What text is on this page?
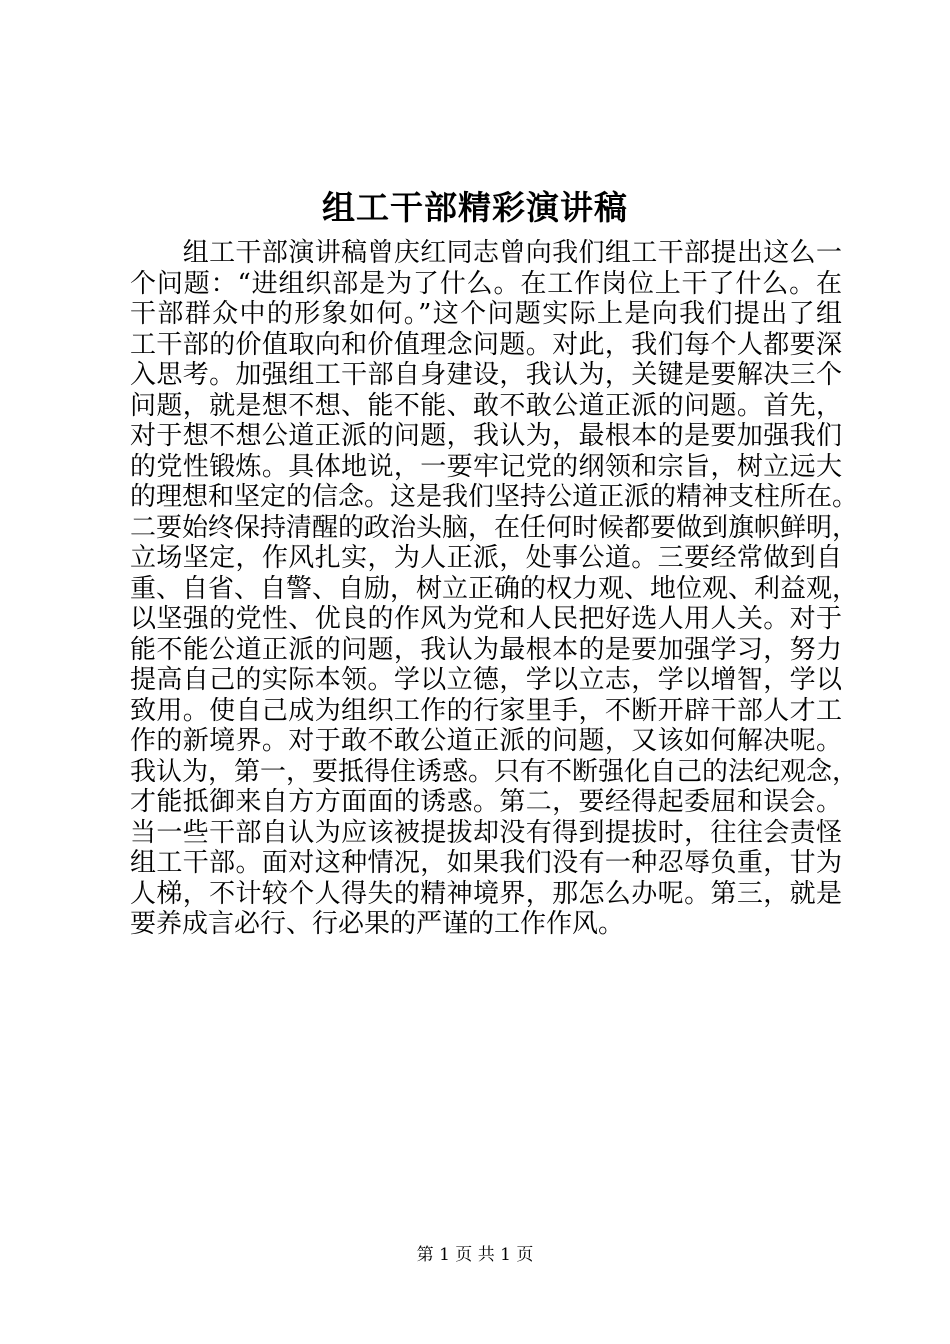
组工干部精彩演讲稿
　　组工干部演讲稿曾庆红同志曾向我们组工干部提出这么一
个问题：“进组织部是为了什么。在工作岗位上干了什么。在
干部群众中的形象如何。”这个问题实际上是向我们提出了组
工干部的价值取向和价值理念问题。对此，我们每个人都要深
入思考。加强组工干部自身建设，我认为，关键是要解决三个
问题，就是想不想、能不能、敢不敢公道正派的问题。首先，
对于想不想公道正派的问题，我认为，最根本的是要加强我们
的党性锻炼。具体地说，一要牢记党的纲领和宗旨，树立远大
的理想和坚定的信念。这是我们坚持公道正派的精神支柱所在。
二要始终保持清醒的政治头脑，在任何时候都要做到旗帜鲜明，
立场坚定，作风扎实，为人正派，处事公道。三要经常做到自
重、自省、自警、自励，树立正确的权力观、地位观、利益观，
以坚强的党性、优良的作风为党和人民把好选人用人关。对于
能不能公道正派的问题，我认为最根本的是要加强学习，努力
提高自己的实际本领。学以立德，学以立志，学以增智，学以
致用。使自己成为组织工作的行家里手，不断开辟干部人才工
作的新境界。对于敢不敢公道正派的问题，又该如何解决呢。
我认为，第一，要抵得住诱惑。只有不断强化自己的法纪观念，
才能抵御来自方方面面的诱惑。第二，要经得起委屈和误会。
当一些干部自认为应该被提拔却没有得到提拔时，往往会责怪
组工干部。面对这种情况，如果我们没有一种忍辱负重，甘为
人梯，不计较个人得失的精神境界，那怎么办呢。第三，就是
要养成言必行、行必果的严谨的工作作风。
第 1 页 共 1 页
